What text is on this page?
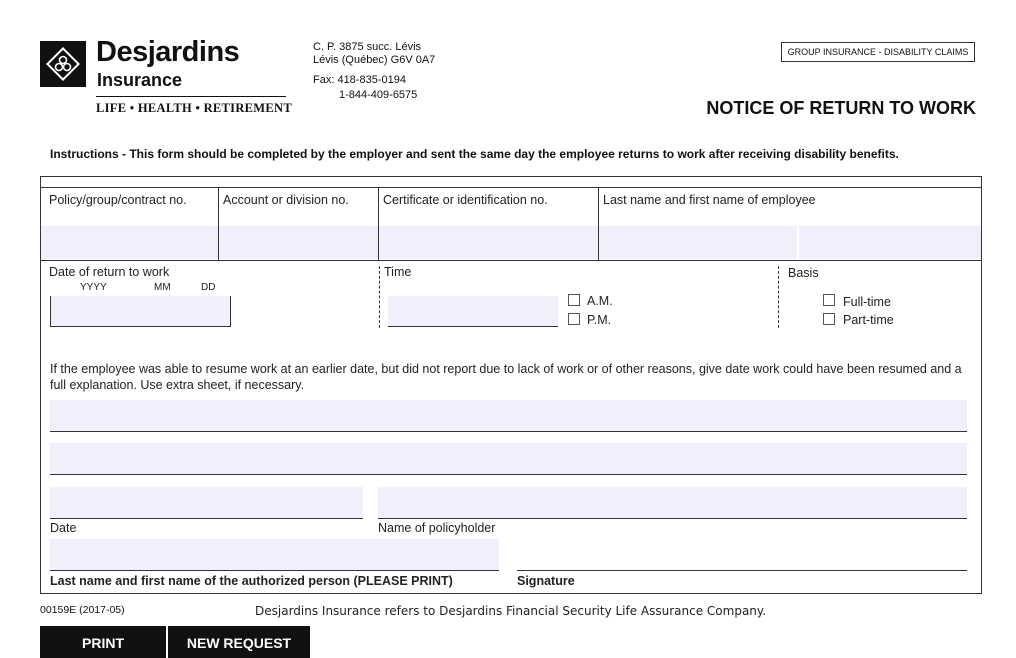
Desjardins
Insurance
LIFE • HEALTH • RETIREMENT
C. P. 3875 succ. Lévis
Lévis (Québec) G6V 0A7
Fax: 418-835-0194
1-844-409-6575
GROUP INSURANCE - DISABILITY CLAIMS
NOTICE OF RETURN TO WORK
Instructions - This form should be completed by the employer and sent the same day the employee returns to work after receiving disability benefits.
Policy/group/contract no.	Account or division no.	Certificate or identification no.	Last name and first name of employee
Date of return to work
YYYY	MM	DD
Time
A.M.
P.M.
Basis
Full-time
Part-time
If the employee was able to resume work at an earlier date, but did not report due to lack of work or of other reasons, give date work could have been resumed and a full explanation. Use extra sheet, if necessary.
Date	Name of policyholder
Last name and first name of the authorized person (PLEASE PRINT)	Signature
00159E (2017-05)	Desjardins Insurance refers to Desjardins Financial Security Life Assurance Company.
PRINT	NEW REQUEST
